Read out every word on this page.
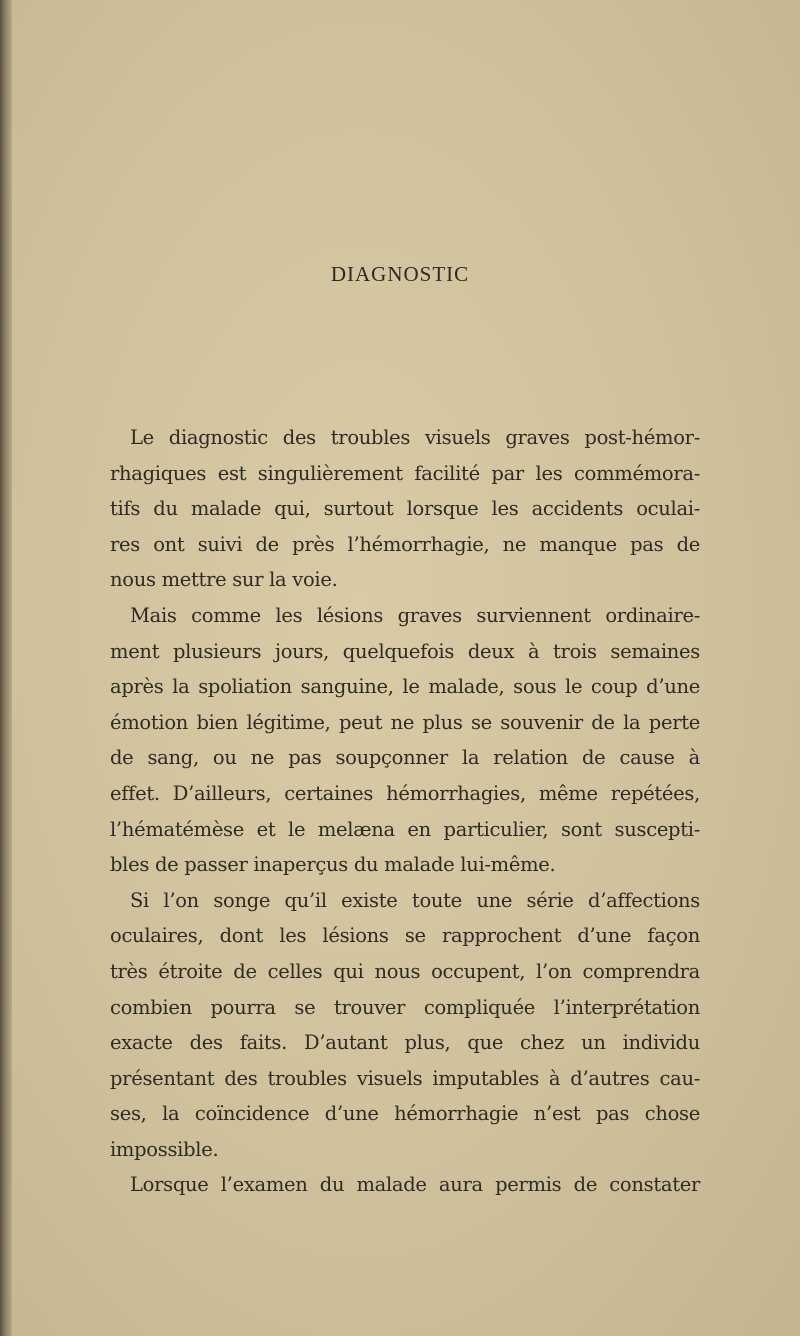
DIAGNOSTIC
Le diagnostic des troubles visuels graves post-hémor-
rhagiques est singulièrement facilité par les commémora-
tifs du malade qui, surtout lorsque les accidents oculai-
res ont suivi de près l’hémorrhagie, ne manque pas de
nous mettre sur la voie.
Mais comme les lésions graves surviennent ordinaire-
ment plusieurs jours, quelquefois deux à trois semaines
après la spoliation sanguine, le malade, sous le coup d’une
émotion bien légitime, peut ne plus se souvenir de la perte
de sang, ou ne pas soupçonner la relation de cause à
effet. D’ailleurs, certaines hémorrhagies, même repétées,
l’hématémèse et le melæna en particulier, sont suscepti-
bles de passer inaperçus du malade lui-même.
Si l’on songe qu’il existe toute une série d’affections
oculaires, dont les lésions se rapprochent d’une façon
très étroite de celles qui nous occupent, l’on comprendra
combien pourra se trouver compliquée l’interprétation
exacte des faits. D’autant plus, que chez un individu
présentant des troubles visuels imputables à d’autres cau-
ses, la coïncidence d’une hémorrhagie n’est pas chose
impossible.
Lorsque l’examen du malade aura permis de constater
